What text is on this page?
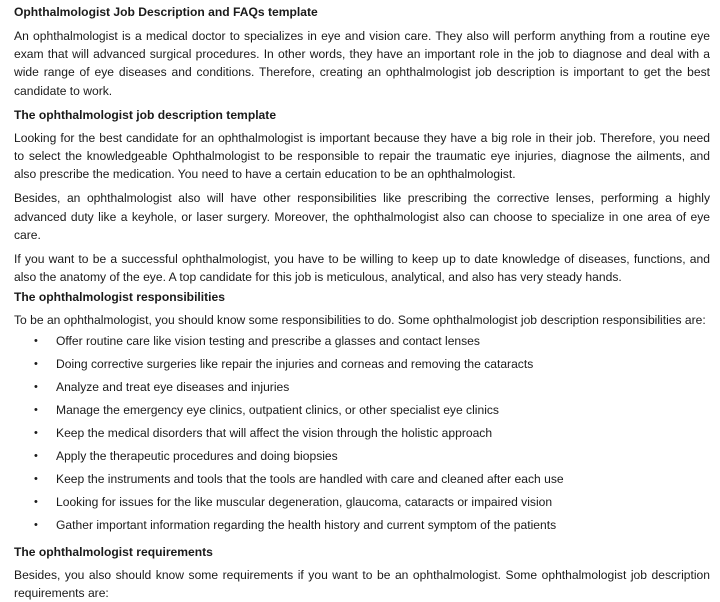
Ophthalmologist Job Description and FAQs template

An ophthalmologist is a medical doctor to specializes in eye and vision care. They also will perform anything from a routine eye exam that will advanced surgical procedures. In other words, they have an important role in the job to diagnose and deal with a wide range of eye diseases and conditions. Therefore, creating an ophthalmologist job description is important to get the best candidate to work.

The ophthalmologist job description template

Looking for the best candidate for an ophthalmologist is important because they have a big role in their job. Therefore, you need to select the knowledgeable Ophthalmologist to be responsible to repair the traumatic eye injuries, diagnose the ailments, and also prescribe the medication. You need to have a certain education to be an ophthalmologist.

Besides, an ophthalmologist also will have other responsibilities like prescribing the corrective lenses, performing a highly advanced duty like a keyhole, or laser surgery. Moreover, the ophthalmologist also can choose to specialize in one area of eye care.

If you want to be a successful ophthalmologist, you have to be willing to keep up to date knowledge of diseases, functions, and also the anatomy of the eye. A top candidate for this job is meticulous, analytical, and also has very steady hands.

The ophthalmologist responsibilities

To be an ophthalmologist, you should know some responsibilities to do. Some ophthalmologist job description responsibilities are:

• Offer routine care like vision testing and prescribe a glasses and contact lenses
• Doing corrective surgeries like repair the injuries and corneas and removing the cataracts
• Analyze and treat eye diseases and injuries
• Manage the emergency eye clinics, outpatient clinics, or other specialist eye clinics
• Keep the medical disorders that will affect the vision through the holistic approach
• Apply the therapeutic procedures and doing biopsies
• Keep the instruments and tools that the tools are handled with care and cleaned after each use
• Looking for issues for the like muscular degeneration, glaucoma, cataracts or impaired vision
• Gather important information regarding the health history and current symptom of the patients
The ophthalmologist requirements

Besides, you also should know some requirements if you want to be an ophthalmologist. Some ophthalmologist job description requirements are:
